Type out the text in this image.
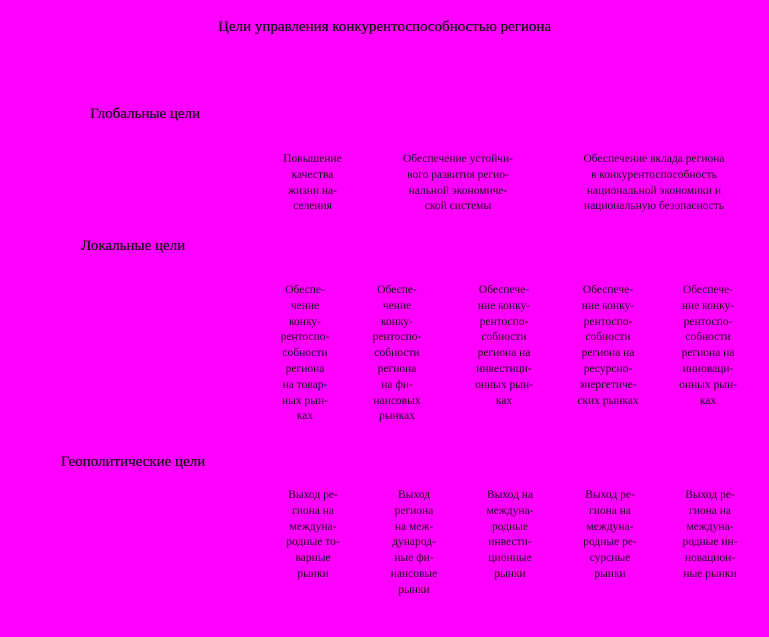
Цели управления конкурентоспособностью региона
Глобальные цели
Локальные цели
Геополитические цели
Повышение
качества
жизни на-
селения
Обеспечение устойчи-
вого развития регио-
нальной экономиче-
ской системы
Обеспечение вклада региона
в конкурентоспособность
национальной экономики и
национальную безопасность
Обеспе-
чение
конку-
рентоспо-
собности
региона
на товар-
ных рын-
ках
Обеспе-
чение
конку-
рентоспо-
собности
региона
на фи-
нансовых
рынках
Обеспече-
ние конку-
рентоспо-
собности
региона на
инвестици-
онных рын-
ках
Обеспече-
ние конку-
рентоспо-
собности
региона на
ресурсно-
энергетиче-
ских рынках
Обеспече-
ние конку-
рентоспо-
собности
региона на
инноваци-
онных рын-
ках
Выход ре-
гиона на
междуна-
родные то-
варные
рынки
Выход
региона
на меж-
дународ-
ные фи-
нансовые
рынки
Выход на
междуна-
родные
инвести-
ционные
рынки
Выход ре-
гиона на
междуна-
родные ре-
сурсные
рынки
Выход ре-
гиона на
междуна-
родные ин-
новацион-
ные рынки
